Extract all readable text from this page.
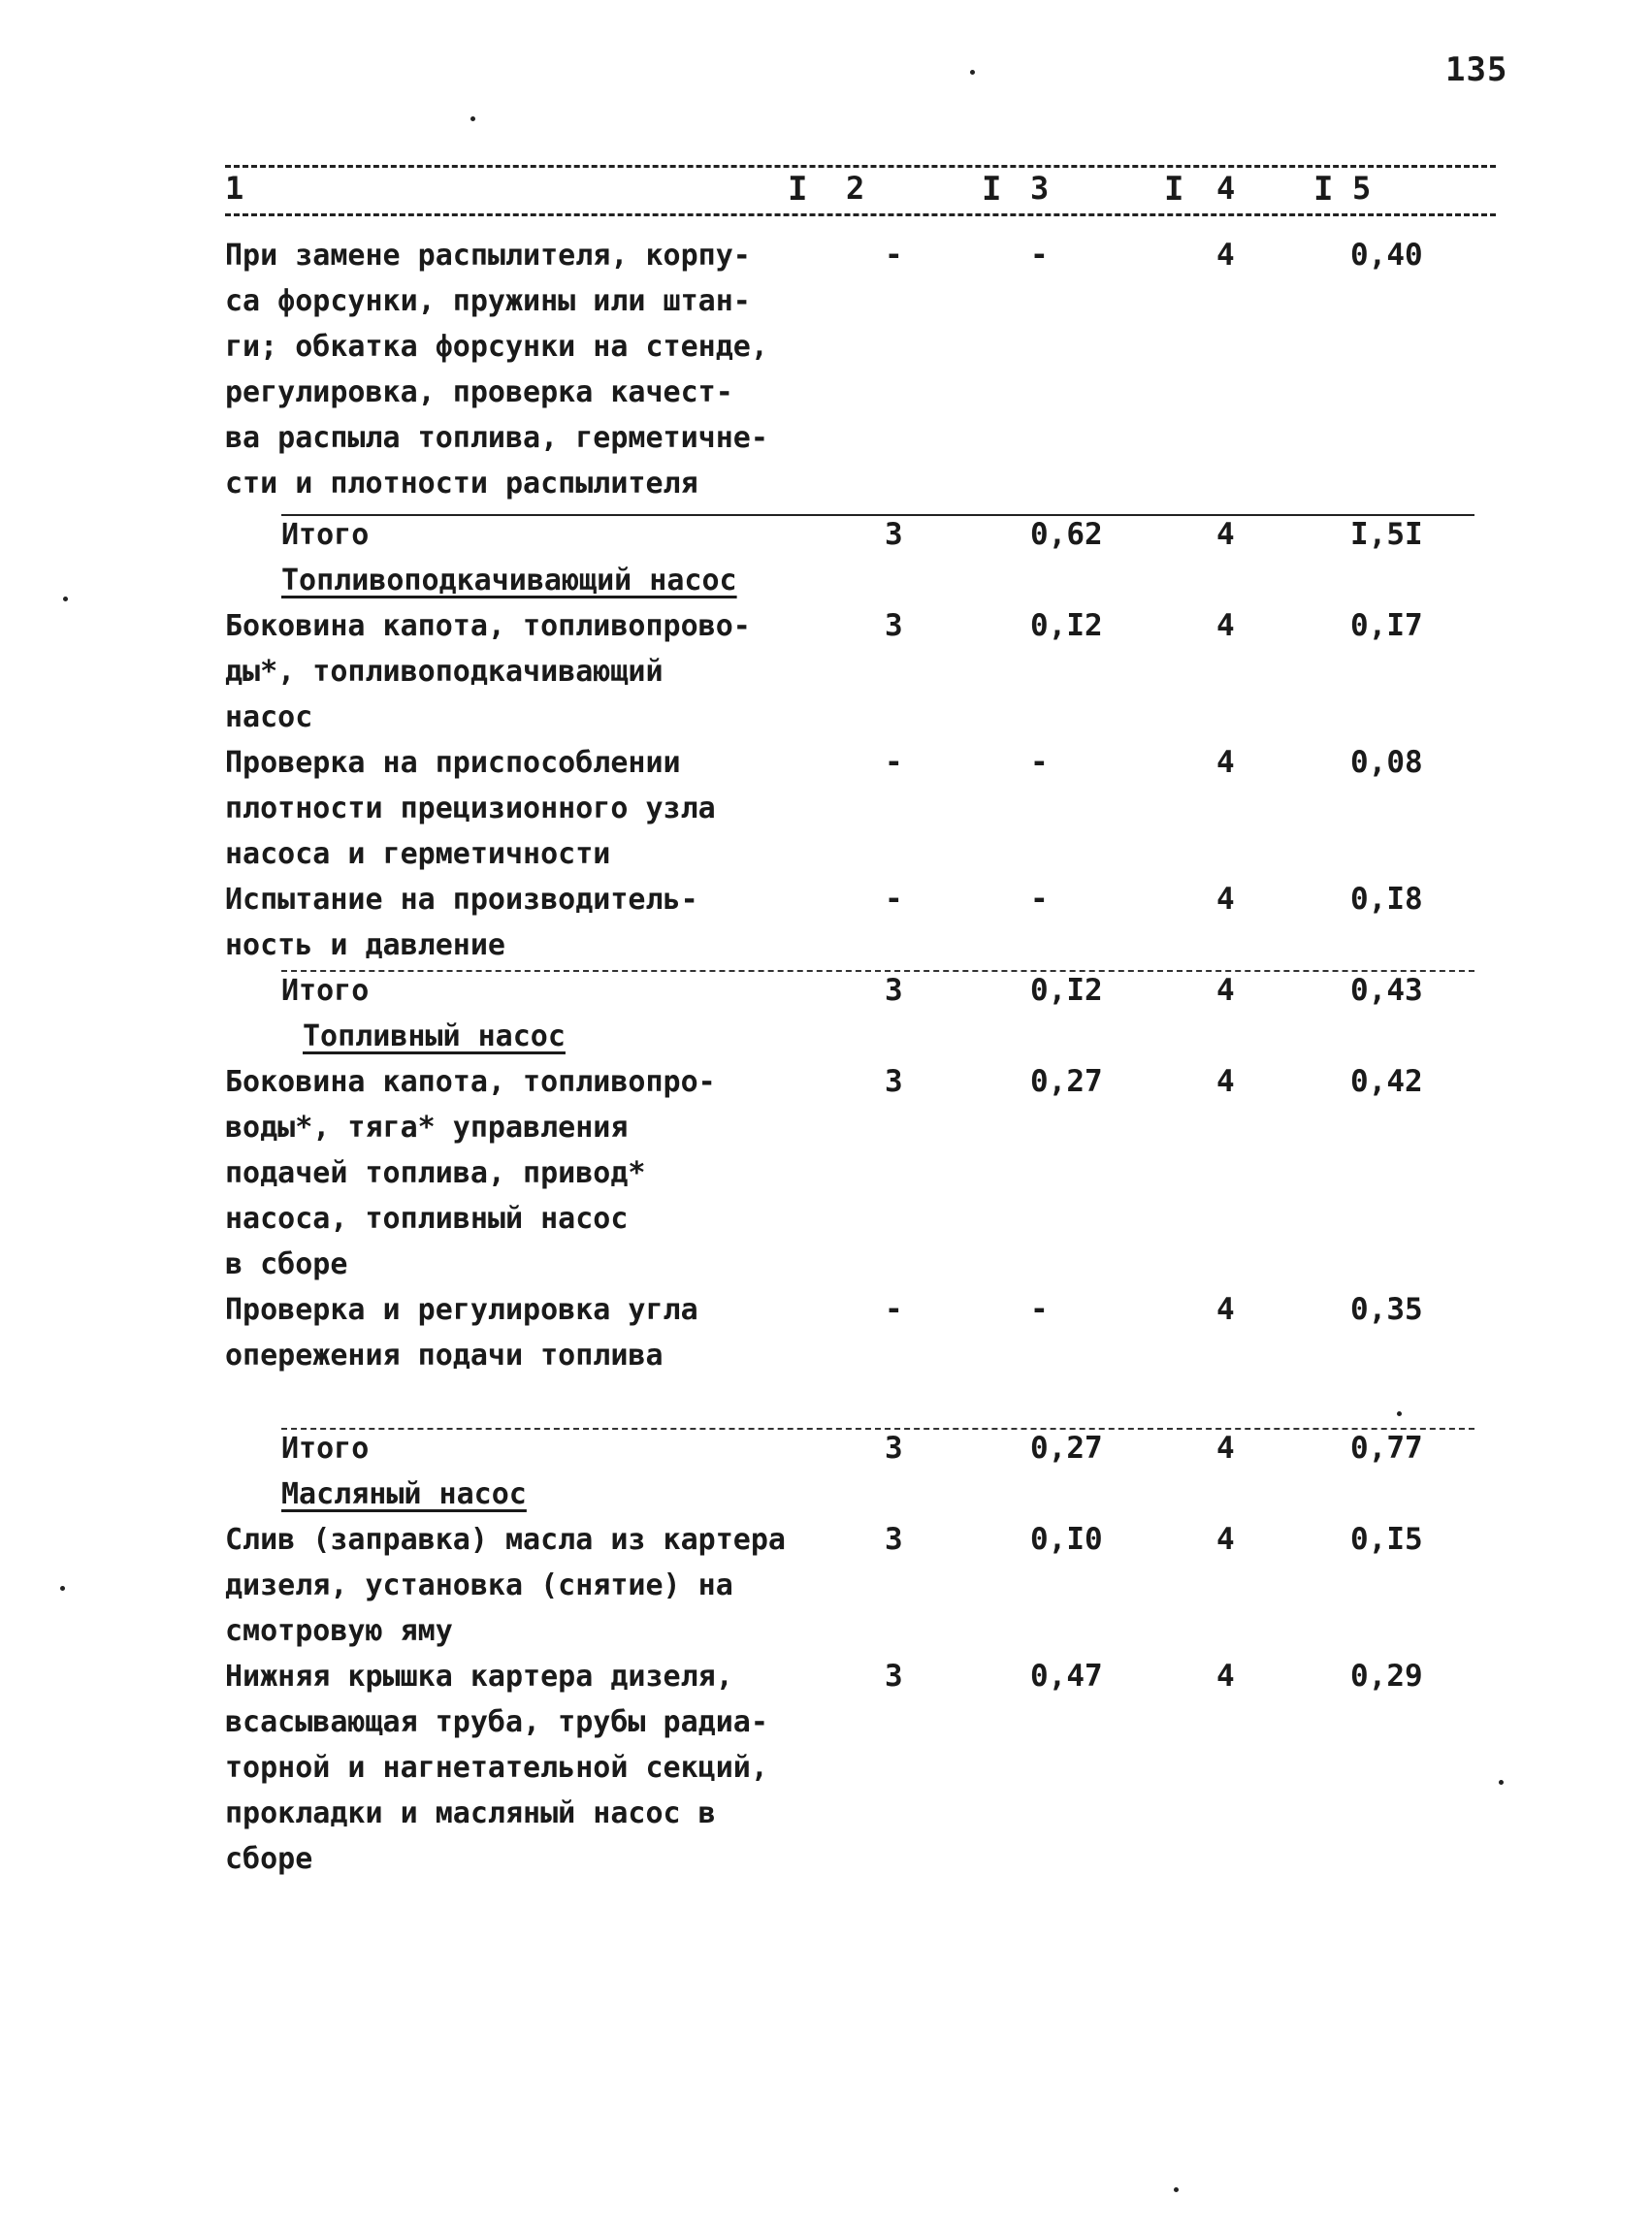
135
1	I 2	I 3	I 4 I 5
При замене распылителя, корпу-
са форсунки, пружины или штан-
ги; обкатка форсунки на стенде,
регулировка, проверка качест-
ва распыла топлива, герметичне-
сти и плотности распылителя
-	-	4	0,40
Итого	3	0,62	4	I,5I
Топливоподкачивающий насос
Боковина капота, топливопрово-
ды*, топливоподкачивающий
насос
3	0,I2	4	0,I7
Проверка на приспособлении
плотности прецизионного узла
насоса и герметичности
-	-	4	0,08
Испытание на производитель-
ность и давление
-	-	4	0,I8
Итого	3	0,I2	4	0,43
Топливный насос
Боковина капота, топливопро-
воды*, тяга* управления
подачей топлива, привод*
насоса, топливный насос
в сборе
3	0,27	4	0,42
Проверка и регулировка угла
опережения подачи топлива
-	-	4	0,35
Итого	3	0,27	4	0,77
Масляный насос
Слив (заправка) масла из картера
дизеля, установка (снятие) на
смотровую яму
3	0,I0	4	0,I5
Нижняя крышка картера дизеля,
всасывающая труба, трубы радиа-
торной и нагнетательной секций,
прокладки и масляный насос в
сборе
3	0,47	4	0,29
